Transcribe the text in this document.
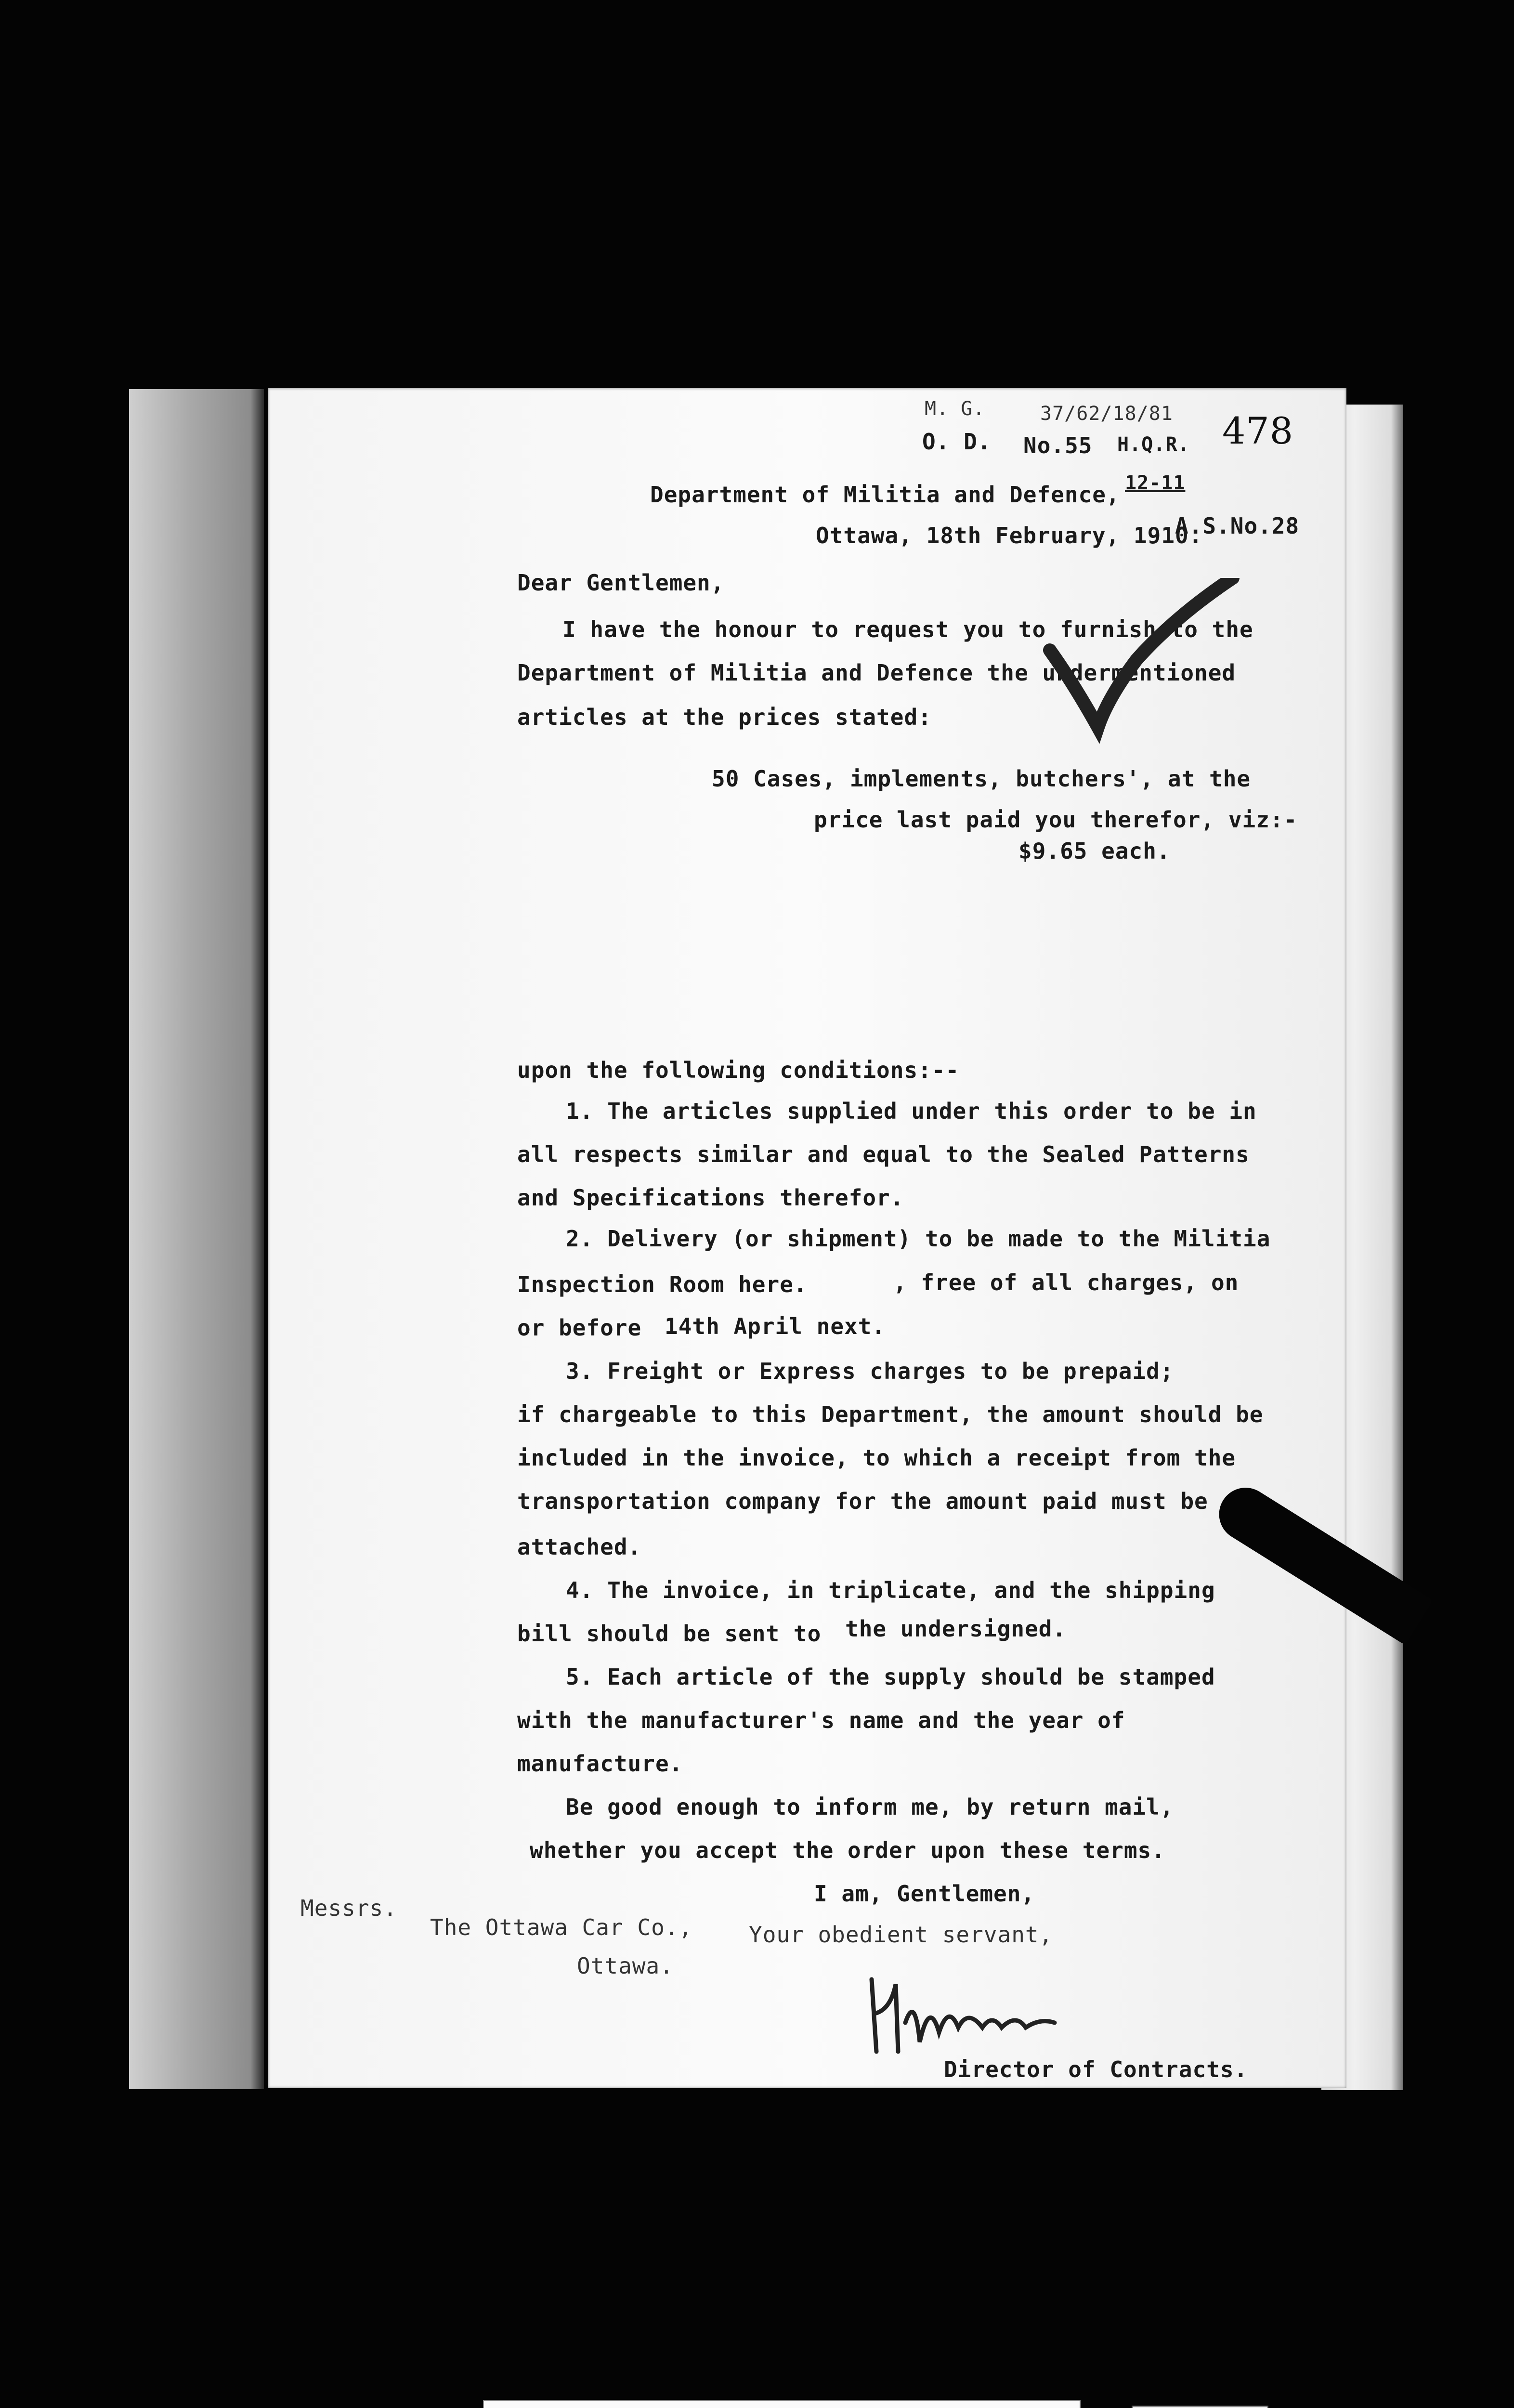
M. G.	37/62/18/81 478
O. D. No.55 H.Q.R.
Department of Militia and Defence, 12-11
Ottawa, 18th February, 1910.
A.S.No.28
Dear Gentlemen,
I have the honour to request you to furnish to the
Department of Militia and Defence the undermentioned
articles at the prices stated:
50 Cases, implements, butchers', at the
price last paid you therefor, viz:-
$9.65 each.
upon the following conditions:--
1. The articles supplied under this order to be in
all respects similar and equal to the Sealed Patterns
and Specifications therefor.
2. Delivery (or shipment) to be made to the Militia
Inspection Room here.	, free of all charges, on
or before 14th April next.
3. Freight or Express charges to be prepaid;
if chargeable to this Department, the amount should be
included in the invoice, to which a receipt from the
transportation company for the amount paid must be
attached.
4. The invoice, in triplicate, and the shipping
bill should be sent to the undersigned.
5. Each article of the supply should be stamped
with the manufacturer's name and the year of
manufacture.
Be good enough to inform me, by return mail,
whether you accept the order upon these terms.
I am, Gentlemen,
Messrs.
The Ottawa Car Co.,	Your obedient servant,
Ottawa.
Director of Contracts.
